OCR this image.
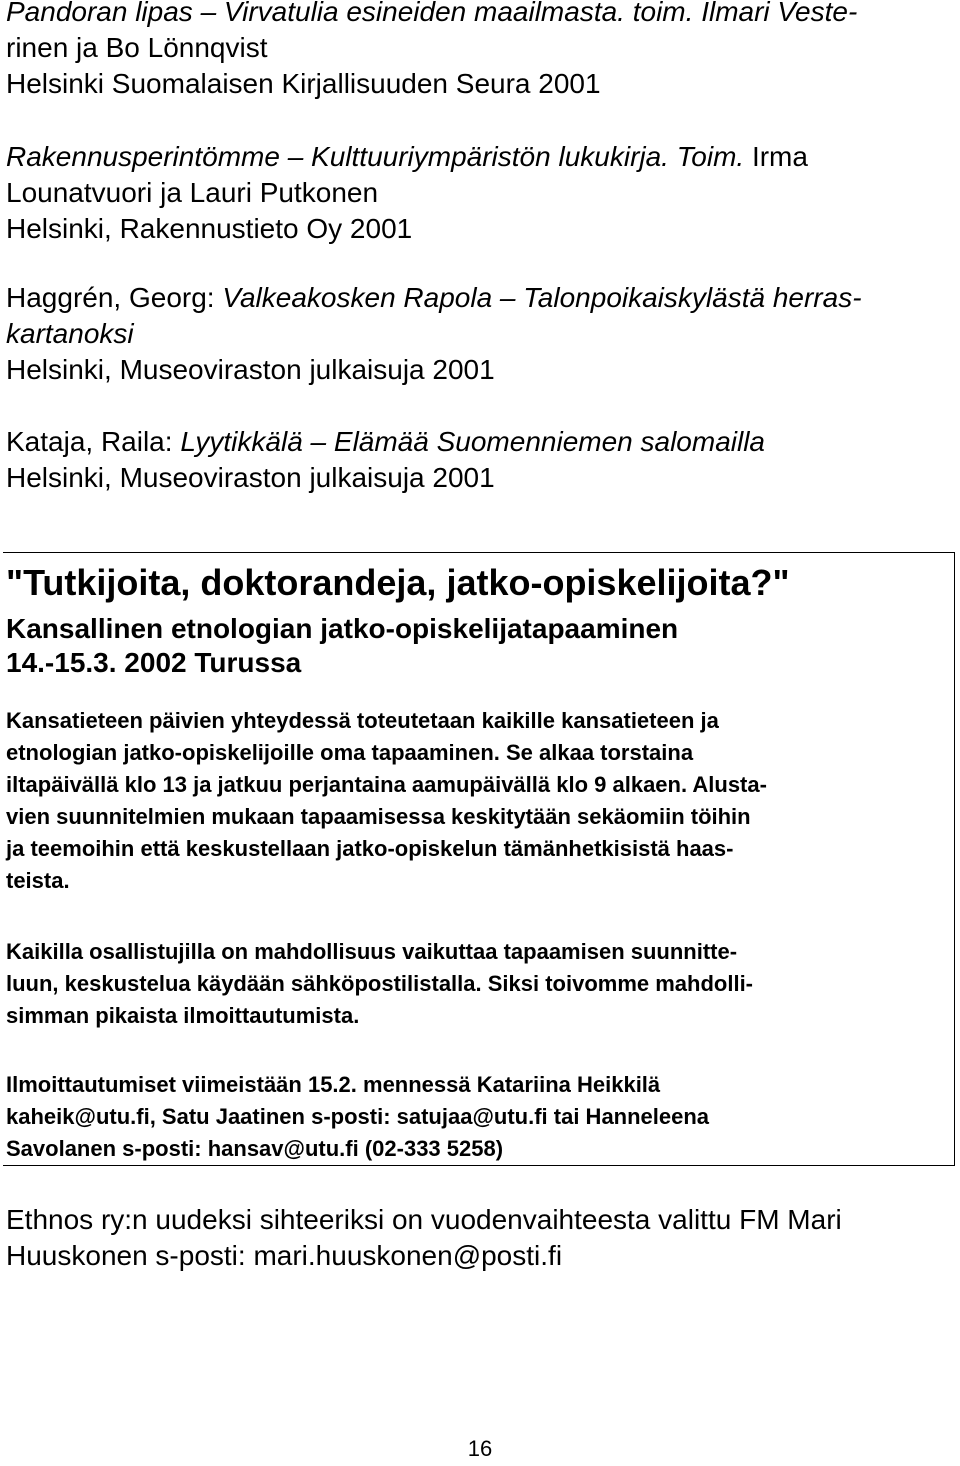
Pandoran lipas – Virvatulia esineiden maailmasta. toim. Ilmari Veste-
rinen ja Bo Lönnqvist
Helsinki Suomalaisen Kirjallisuuden Seura 2001
Rakennusperintömme – Kulttuuriympäristön lukukirja. Toim. Irma
Lounatvuori ja Lauri Putkonen
Helsinki, Rakennustieto Oy 2001
Haggrén, Georg: Valkeakosken Rapola – Talonpoikaiskylästä herras-
kartanoksi
Helsinki, Museoviraston julkaisuja 2001
Kataja, Raila: Lyytikkälä – Elämää Suomenniemen salomailla
Helsinki, Museoviraston julkaisuja 2001
"Tutkijoita, doktorandeja, jatko-opiskelijoita?"

Kansallinen etnologian jatko-opiskelijatapaaminen
14.-15.3. 2002 Turussa

Kansatieteen päivien yhteydessä toteutetaan kaikille kansatieteen ja
etnologian jatko-opiskelijoille oma tapaaminen. Se alkaa torstaina
iltapäivällä klo 13 ja jatkuu perjantaina aamupäivällä klo 9 alkaen. Alusta-
vien suunnitelmien mukaan tapaamisessa keskitytään sekäomiin töihin
ja teemoihin että keskustellaan jatko-opiskelun tämänhetkisistä haas-
teista.

Kaikilla osallistujilla on mahdollisuus vaikuttaa tapaamisen suunnitte-
luun, keskustelua käydään sähköpostilistalla. Siksi toivomme mahdolli-
simman pikaista ilmoittautumista.

Ilmoittautumiset viimeistään 15.2. mennessä Katariina Heikkilä
kaheik@utu.fi, Satu Jaatinen s-posti: satujaa@utu.fi tai Hanneleena
Savolanen s-posti: hansav@utu.fi (02-333 5258)

Ethnos ry:n uudeksi sihteeriksi on vuodenvaihteesta valittu FM Mari
Huuskonen s-posti: mari.huuskonen@posti.fi

16
